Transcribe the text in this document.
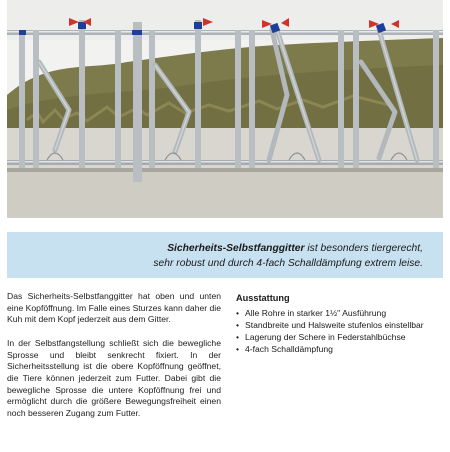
Sicherheits-Selbstfanggitter ist besonders tiergerecht,
sehr robust und durch 4-fach Schalldämpfung extrem leise.

Das Sicherheits-Selbstfanggitter hat oben und unten eine Kopföffnung. Im Falle eines Sturzes kann daher die Kuh mit dem Kopf jederzeit aus dem Gitter.

In der Selbstfangstellung schließt sich die bewegliche Sprosse und bleibt senkrecht fixiert. In der Sicherheitsstellung ist die obere Kopföffnung geöffnet, die Tiere können jederzeit zum Futter. Dabei gibt die bewegliche Sprosse die untere Kopföffnung frei und ermöglicht durch die größere Bewegungsfreiheit einen noch besseren Zugang zum Futter.

Ausstattung
• Alle Rohre in starker 1½" Ausführung
• Standbreite und Halsweite stufenlos einstellbar
• Lagerung der Schere in Federstahlbüchse
• 4-fach Schalldämpfung
